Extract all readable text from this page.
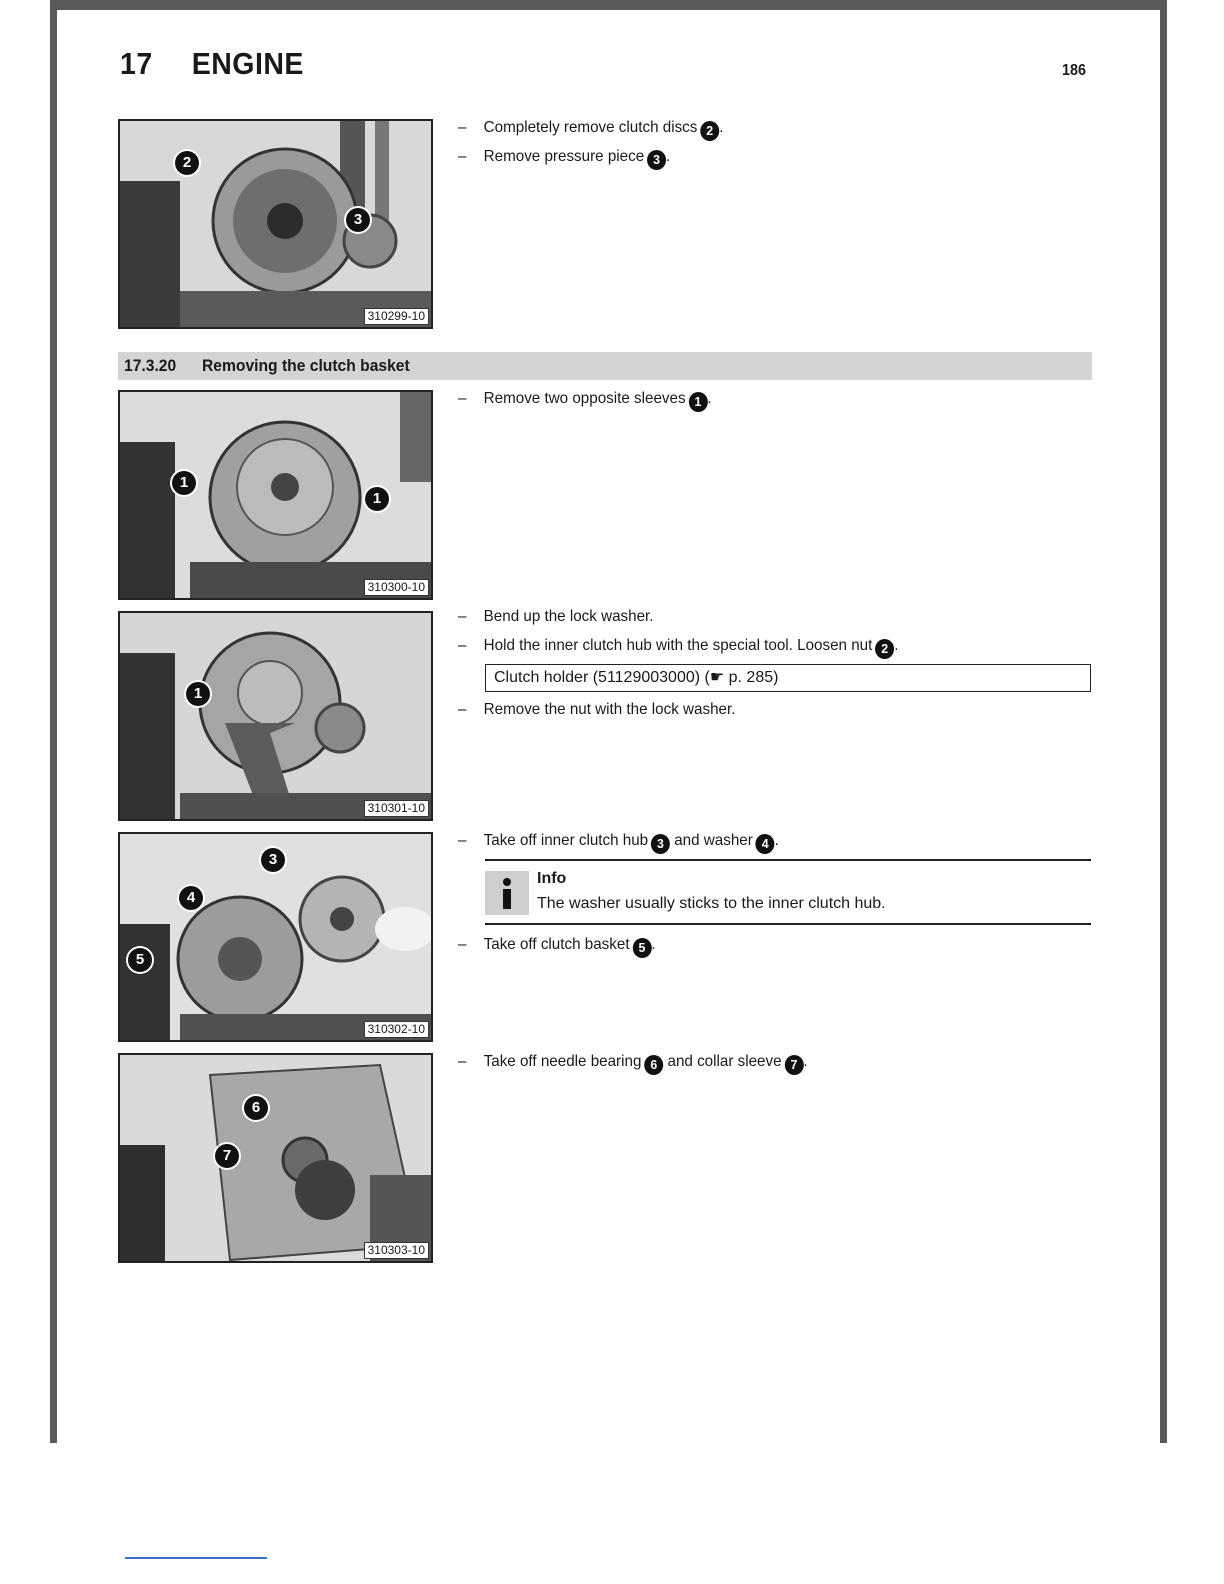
17 ENGINE	186
2
3
310299-10
– Completely remove clutch discs 2 .
– Remove pressure piece 3 .
17.3.20 Removing the clutch basket
1
1
310300-10
– Remove two opposite sleeves 1 .
1
310301-10
– Bend up the lock washer.
– Hold the inner clutch hub with the special tool. Loosen nut 2 .
Clutch holder (51129003000) (☛ p. 285)
– Remove the nut with the lock washer.
3
4
5
310302-10
– Take off inner clutch hub 3 and washer 4 .
Info
The washer usually sticks to the inner clutch hub.
– Take off clutch basket 5 .
6
7
310303-10
– Take off needle bearing 6 and collar sleeve 7 .
